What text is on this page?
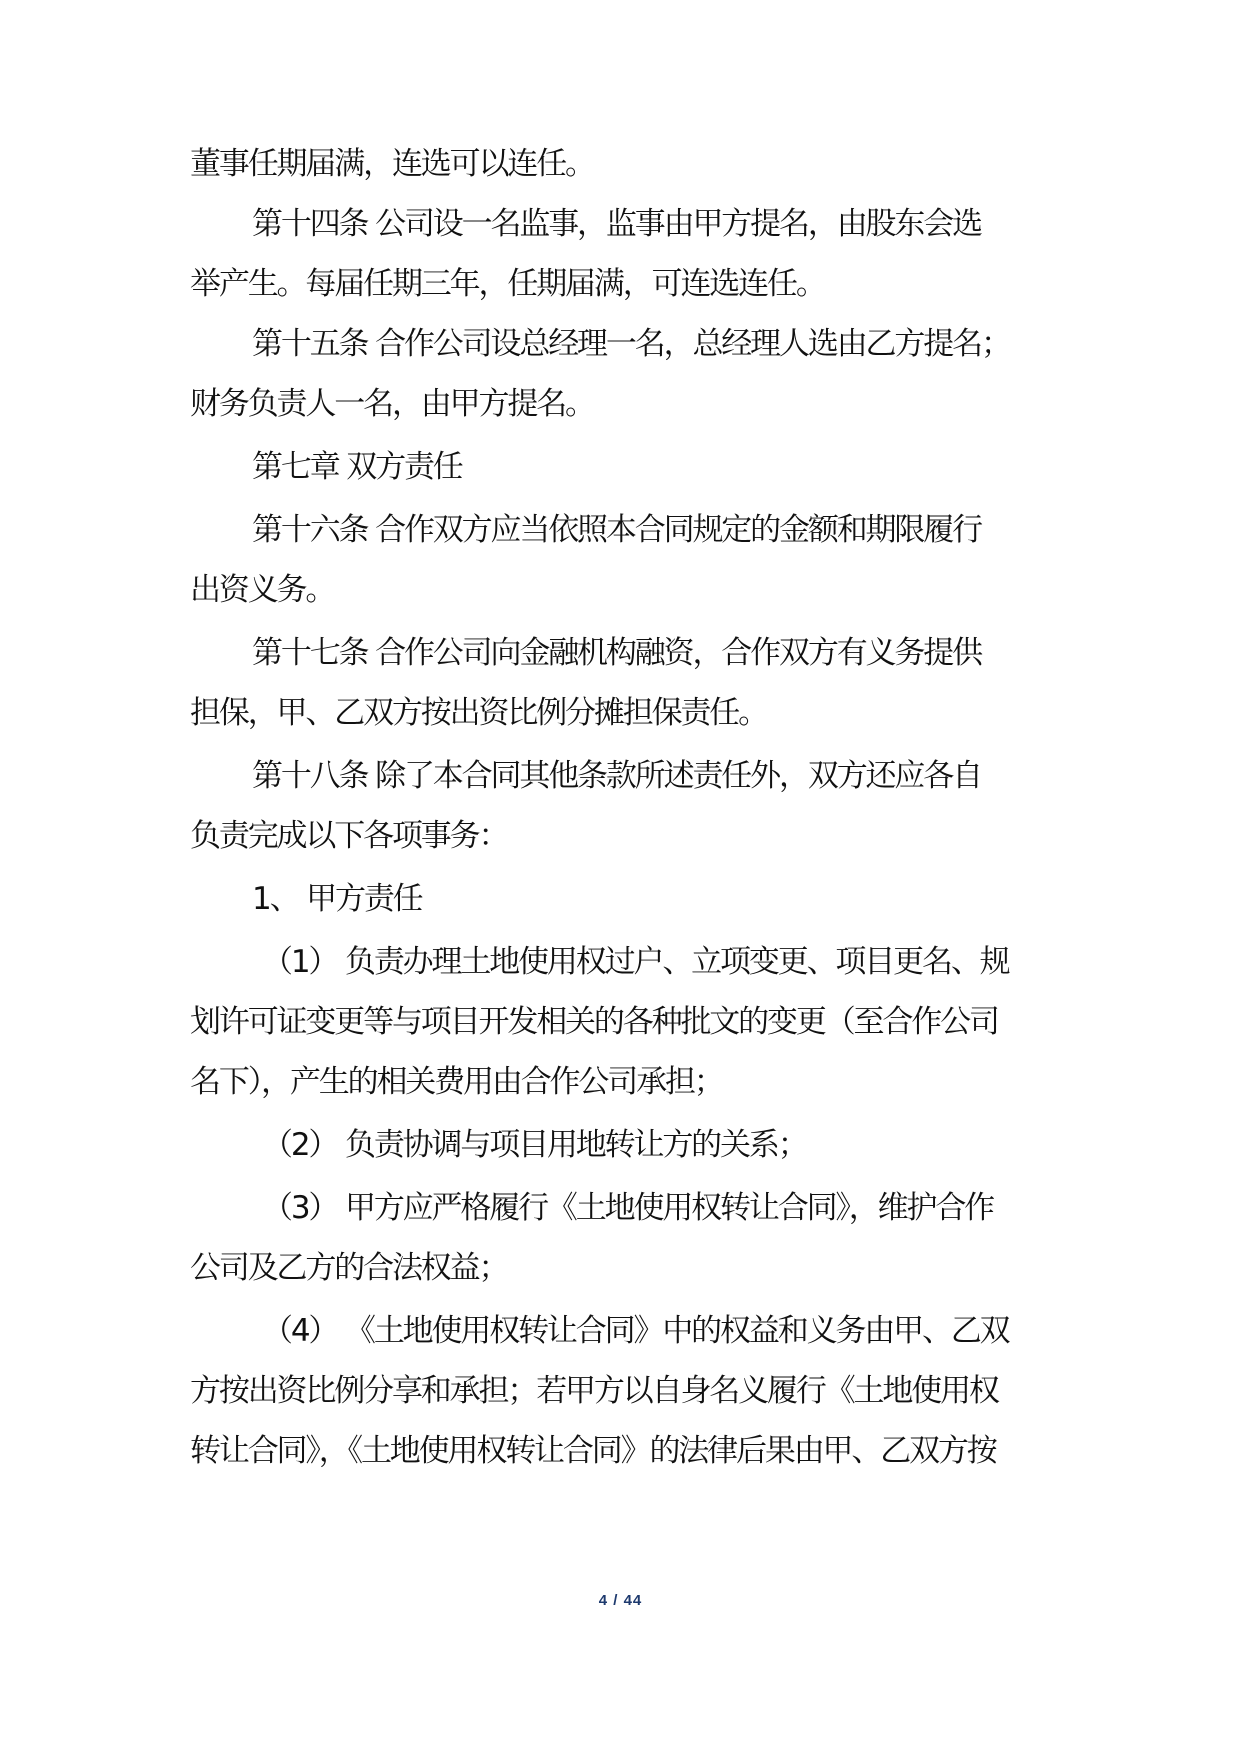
董事任期届满，连选可以连任。
第十四条 公司设一名监事，监事由甲方提名，由股东会选
举产生。每届任期三年，任期届满，可连选连任。
第十五条 合作公司设总经理一名，总经理人选由乙方提名；
财务负责人一名，由甲方提名。
第七章 双方责任
第十六条 合作双方应当依照本合同规定的金额和期限履行
出资义务。
第十七条 合作公司向金融机构融资，合作双方有义务提供
担保，甲、乙双方按出资比例分摊担保责任。
第十八条 除了本合同其他条款所述责任外，双方还应各自
负责完成以下各项事务：
1、 甲方责任
（1） 负责办理土地使用权过户、立项变更、项目更名、规
划许可证变更等与项目开发相关的各种批文的变更（至合作公司
名下），产生的相关费用由合作公司承担；
（2） 负责协调与项目用地转让方的关系；
（3） 甲方应严格履行《土地使用权转让合同》，维护合作
公司及乙方的合法权益；
（4） 《土地使用权转让合同》中的权益和义务由甲、乙双
方按出资比例分享和承担；若甲方以自身名义履行《土地使用权
转让合同》，《土地使用权转让合同》的法律后果由甲、乙双方按
4 / 44
